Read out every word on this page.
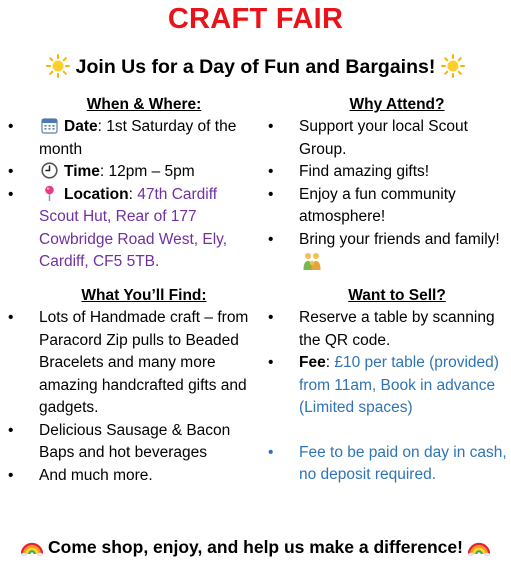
CRAFT FAIR
Join Us for a Day of Fun and Bargains!
When & Where:
• Date: 1st Saturday of the month
• Time: 12pm – 5pm
• Location: 47th Cardiff Scout Hut, Rear of 177 Cowbridge Road West, Ely, Cardiff, CF5 5TB.
What You’ll Find:
• Lots of Handmade craft – from Paracord Zip pulls to Beaded Bracelets and many more amazing handcrafted gifts and gadgets.
• Delicious Sausage & Bacon Baps and hot beverages
• And much more.
Why Attend?
• Support your local Scout Group.
• Find amazing gifts!
• Enjoy a fun community atmosphere!
• Bring your friends and family!
Want to Sell?
• Reserve a table by scanning the QR code.
• Fee: £10 per table (provided) from 11am, Book in advance (Limited spaces)
• Fee to be paid on day in cash, no deposit required.
Come shop, enjoy, and help us make a difference!
